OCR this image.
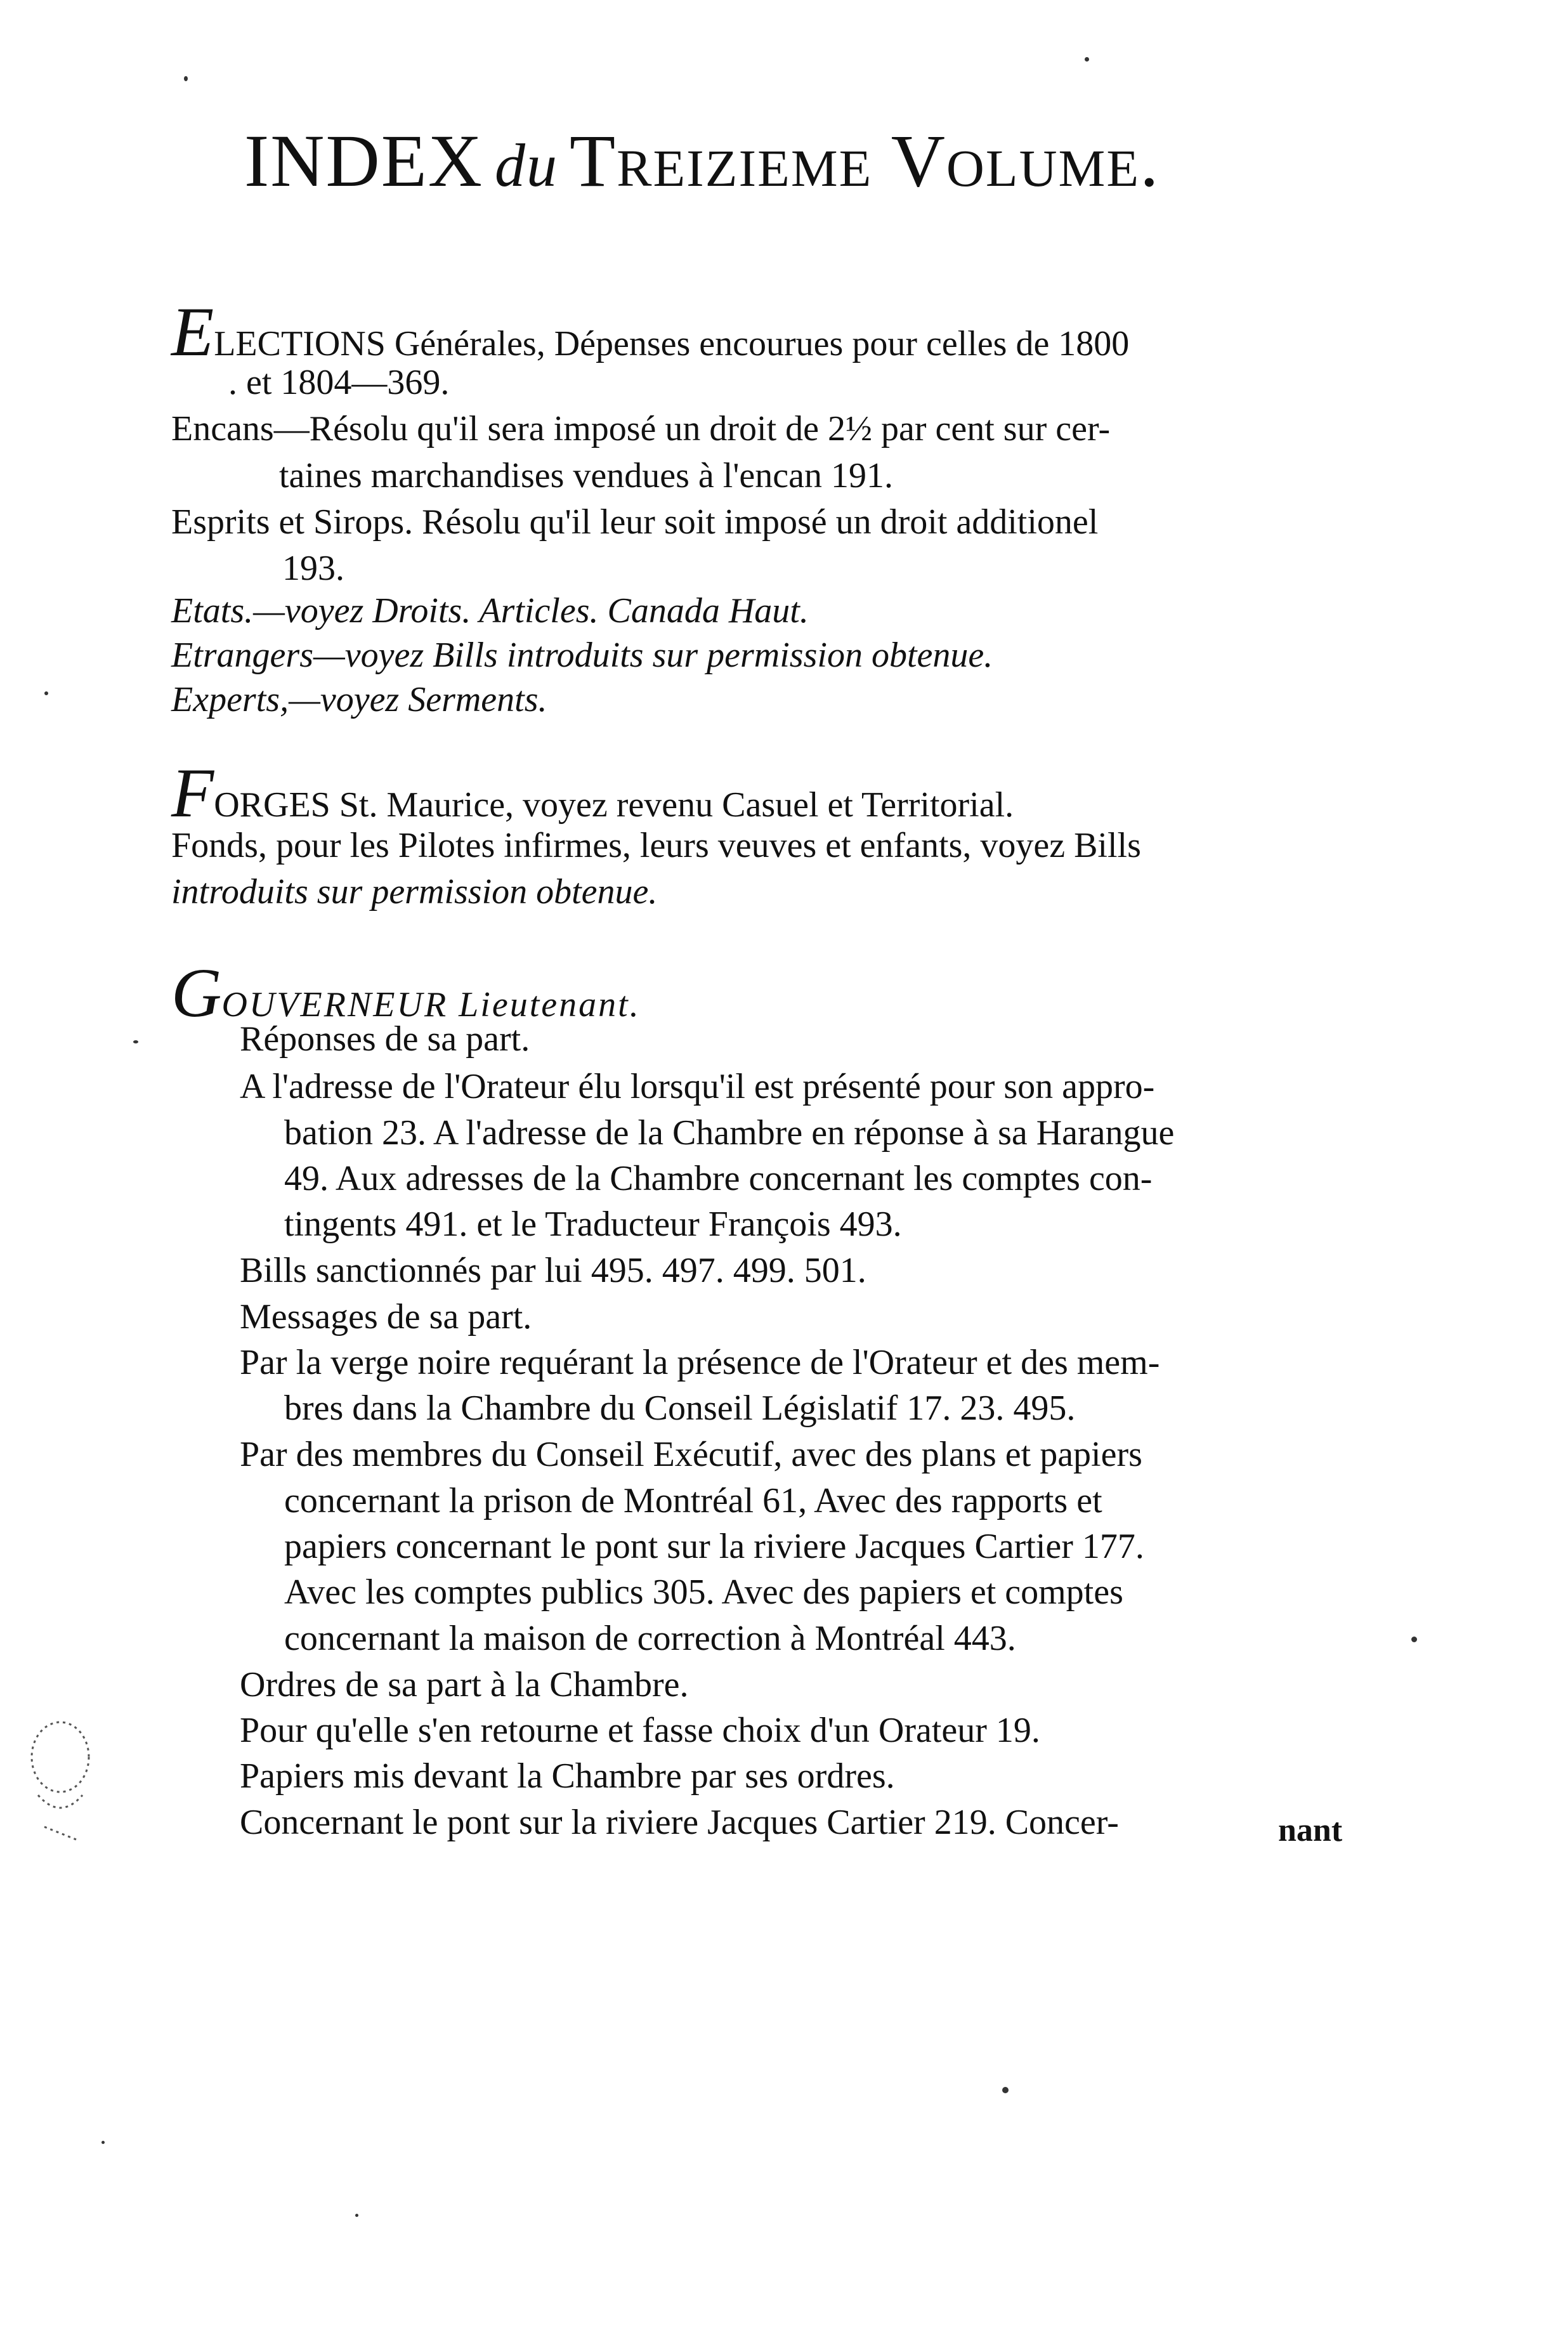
INDEX du Treizieme Volume.
ELECTIONS Générales, Dépenses encourues pour celles de 1800
. et 1804—369.
Encans—Résolu qu'il sera imposé un droit de 2½ par cent sur cer-
taines marchandises vendues à l'encan 191.
Esprits et Sirops. Résolu qu'il leur soit imposé un droit additionel
193.
Etats.—voyez Droits. Articles. Canada Haut.
Etrangers—voyez Bills introduits sur permission obtenue.
Experts,—voyez Serments.
FORGES St. Maurice, voyez revenu Casuel et Territorial.
Fonds, pour les Pilotes infirmes, leurs veuves et enfants, voyez Bills
introduits sur permission obtenue.
GOUVERNEUR Lieutenant.
Réponses de sa part.
A l'adresse de l'Orateur élu lorsqu'il est présenté pour son appro-
bation 23. A l'adresse de la Chambre en réponse à sa Harangue
49. Aux adresses de la Chambre concernant les comptes con-
tingents 491. et le Traducteur François 493.
Bills sanctionnés par lui 495. 497. 499. 501.
Messages de sa part.
Par la verge noire requérant la présence de l'Orateur et des mem-
bres dans la Chambre du Conseil Législatif 17. 23. 495.
Par des membres du Conseil Exécutif, avec des plans et papiers
concernant la prison de Montréal 61, Avec des rapports et
papiers concernant le pont sur la riviere Jacques Cartier 177.
Avec les comptes publics 305. Avec des papiers et comptes
concernant la maison de correction à Montréal 443.
Ordres de sa part à la Chambre.
Pour qu'elle s'en retourne et fasse choix d'un Orateur 19.
Papiers mis devant la Chambre par ses ordres.
Concernant le pont sur la riviere Jacques Cartier 219. Concer-	nant
